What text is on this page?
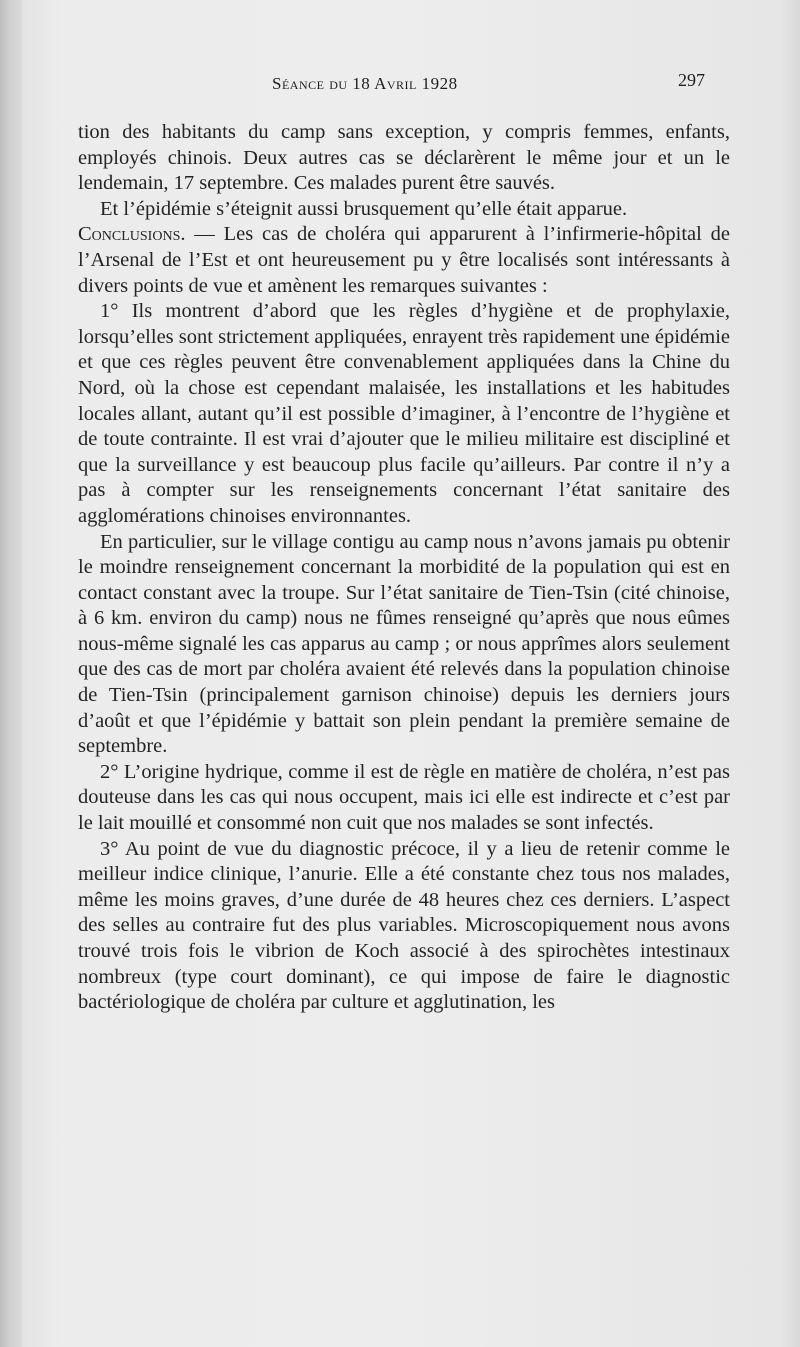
Séance du 18 Avril 1928	297

tion des habitants du camp sans exception, y compris femmes, enfants, employés chinois. Deux autres cas se déclarèrent le même jour et un le lendemain, 17 septembre. Ces malades purent être sauvés.

Et l’épidémie s’éteignit aussi brusquement qu’elle était apparue.

Conclusions. — Les cas de choléra qui apparurent à l’infirmerie-hôpital de l’Arsenal de l’Est et ont heureusement pu y être localisés sont intéressants à divers points de vue et amènent les remarques suivantes :

1° Ils montrent d’abord que les règles d’hygiène et de prophylaxie, lorsqu’elles sont strictement appliquées, enrayent très rapidement une épidémie et que ces règles peuvent être convenablement appliquées dans la Chine du Nord, où la chose est cependant malaisée, les installations et les habitudes locales allant, autant qu’il est possible d’imaginer, à l’encontre de l’hygiène et de toute contrainte. Il est vrai d’ajouter que le milieu militaire est discipliné et que la surveillance y est beaucoup plus facile qu’ailleurs. Par contre il n’y a pas à compter sur les renseignements concernant l’état sanitaire des agglomérations chinoises environnantes.

En particulier, sur le village contigu au camp nous n’avons jamais pu obtenir le moindre renseignement concernant la morbidité de la population qui est en contact constant avec la troupe. Sur l’état sanitaire de Tien-Tsin (cité chinoise, à 6 km. environ du camp) nous ne fûmes renseigné qu’après que nous eûmes nous-même signalé les cas apparus au camp ; or nous apprîmes alors seulement que des cas de mort par choléra avaient été relevés dans la population chinoise de Tien-Tsin (principalement garnison chinoise) depuis les derniers jours d’août et que l’épidémie y battait son plein pendant la première semaine de septembre.

2° L’origine hydrique, comme il est de règle en matière de choléra, n’est pas douteuse dans les cas qui nous occupent, mais ici elle est indirecte et c’est par le lait mouillé et consommé non cuit que nos malades se sont infectés.

3° Au point de vue du diagnostic précoce, il y a lieu de retenir comme le meilleur indice clinique, l’anurie. Elle a été constante chez tous nos malades, même les moins graves, d’une durée de 48 heures chez ces derniers. L’aspect des selles au contraire fut des plus variables. Microscopiquement nous avons trouvé trois fois le vibrion de Koch associé à des spirochètes intestinaux nombreux (type court dominant), ce qui impose de faire le diagnostic bactériologique de choléra par culture et agglutination, les
